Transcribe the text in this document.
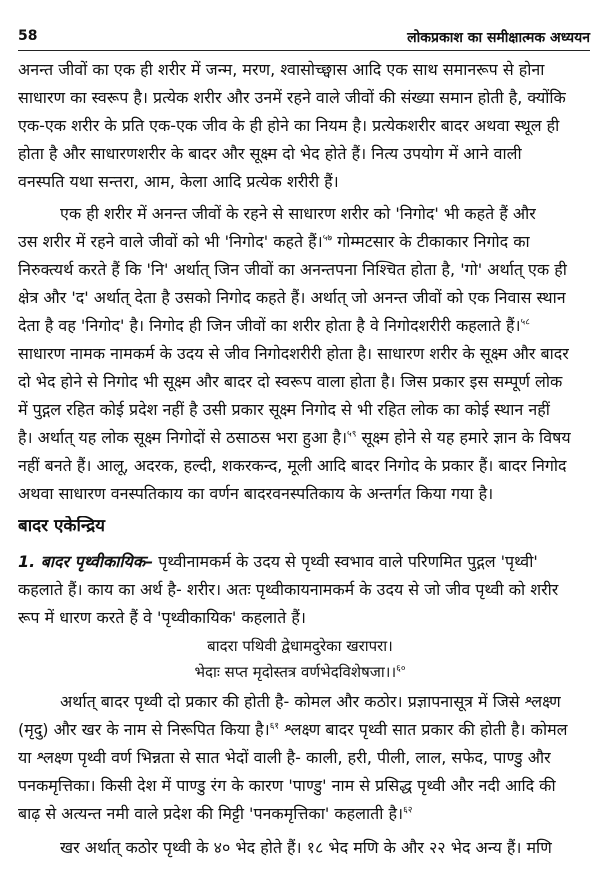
58	लोकप्रकाश का समीक्षात्मक अध्ययन
अनन्त जीवों का एक ही शरीर में जन्म, मरण, श्वासोच्छ्वास आदि एक साथ समानरूप से होना
साधारण का स्वरूप है। प्रत्येक शरीर और उनमें रहने वाले जीवों की संख्या समान होती है, क्योंकि
एक-एक शरीर के प्रति एक-एक जीव के ही होने का नियम है। प्रत्येकशरीर बादर अथवा स्थूल ही
होता है और साधारणशरीर के बादर और सूक्ष्म दो भेद होते हैं। नित्य उपयोग में आने वाली
वनस्पति यथा सन्तरा, आम, केला आदि प्रत्येक शरीरी हैं।
एक ही शरीर में अनन्त जीवों के रहने से साधारण शरीर को 'निगोद' भी कहते हैं और
उस शरीर में रहने वाले जीवों को भी 'निगोद' कहते हैं।$^{५७}$ गोम्मटसार के टीकाकार निगोद का
निरुक्त्यर्थ करते हैं कि 'नि' अर्थात् जिन जीवों का अनन्तपना निश्चित होता है, 'गो' अर्थात् एक ही
क्षेत्र और 'द' अर्थात् देता है उसको निगोद कहते हैं। अर्थात् जो अनन्त जीवों को एक निवास स्थान
देता है वह 'निगोद' है। निगोद ही जिन जीवों का शरीर होता है वे निगोदशरीरी कहलाते हैं।$^{५८}$
साधारण नामक नामकर्म के उदय से जीव निगोदशरीरी होता है। साधारण शरीर के सूक्ष्म और बादर
दो भेद होने से निगोद भी सूक्ष्म और बादर दो स्वरूप वाला होता है। जिस प्रकार इस सम्पूर्ण लोक
में पुद्गल रहित कोई प्रदेश नहीं है उसी प्रकार सूक्ष्म निगोद से भी रहित लोक का कोई स्थान नहीं
है। अर्थात् यह लोक सूक्ष्म निगोदों से ठसाठस भरा हुआ है।$^{५९}$ सूक्ष्म होने से यह हमारे ज्ञान के विषय
नहीं बनते हैं। आलू, अदरक, हल्दी, शकरकन्द, मूली आदि बादर निगोद के प्रकार हैं। बादर निगोद
अथवा साधारण वनस्पतिकाय का वर्णन बादरवनस्पतिकाय के अन्तर्गत किया गया है।
बादर एकेन्द्रिय
1. बादर पृथ्वीकायिक– पृथ्वीनामकर्म के उदय से पृथ्वी स्वभाव वाले परिणमित पुद्गल 'पृथ्वी'
कहलाते हैं। काय का अर्थ है- शरीर। अतः पृथ्वीकायनामकर्म के उदय से जो जीव पृथ्वी को शरीर
रूप में धारण करते हैं वे 'पृथ्वीकायिक' कहलाते हैं।
बादरा पथिवी द्वेधामदुरेका खरापरा।
भेदाः सप्त मृदोस्तत्र वर्णभेदविशेषजा।।$^{६०}$
अर्थात् बादर पृथ्वी दो प्रकार की होती है- कोमल और कठोर। प्रज्ञापनासूत्र में जिसे श्लक्ष्ण
(मृदु) और खर के नाम से निरूपित किया है।$^{६१}$ श्लक्ष्ण बादर पृथ्वी सात प्रकार की होती है। कोमल
या श्लक्ष्ण पृथ्वी वर्ण भिन्नता से सात भेदों वाली है- काली, हरी, पीली, लाल, सफेद, पाण्डु और
पनकमृत्तिका। किसी देश में पाण्डु रंग के कारण 'पाण्डु' नाम से प्रसिद्ध पृथ्वी और नदी आदि की
बाढ़ से अत्यन्त नमी वाले प्रदेश की मिट्टी 'पनकमृत्तिका' कहलाती है।$^{६२}$
खर अर्थात् कठोर पृथ्वी के ४० भेद होते हैं। १८ भेद मणि के और २२ भेद अन्य हैं। मणि
